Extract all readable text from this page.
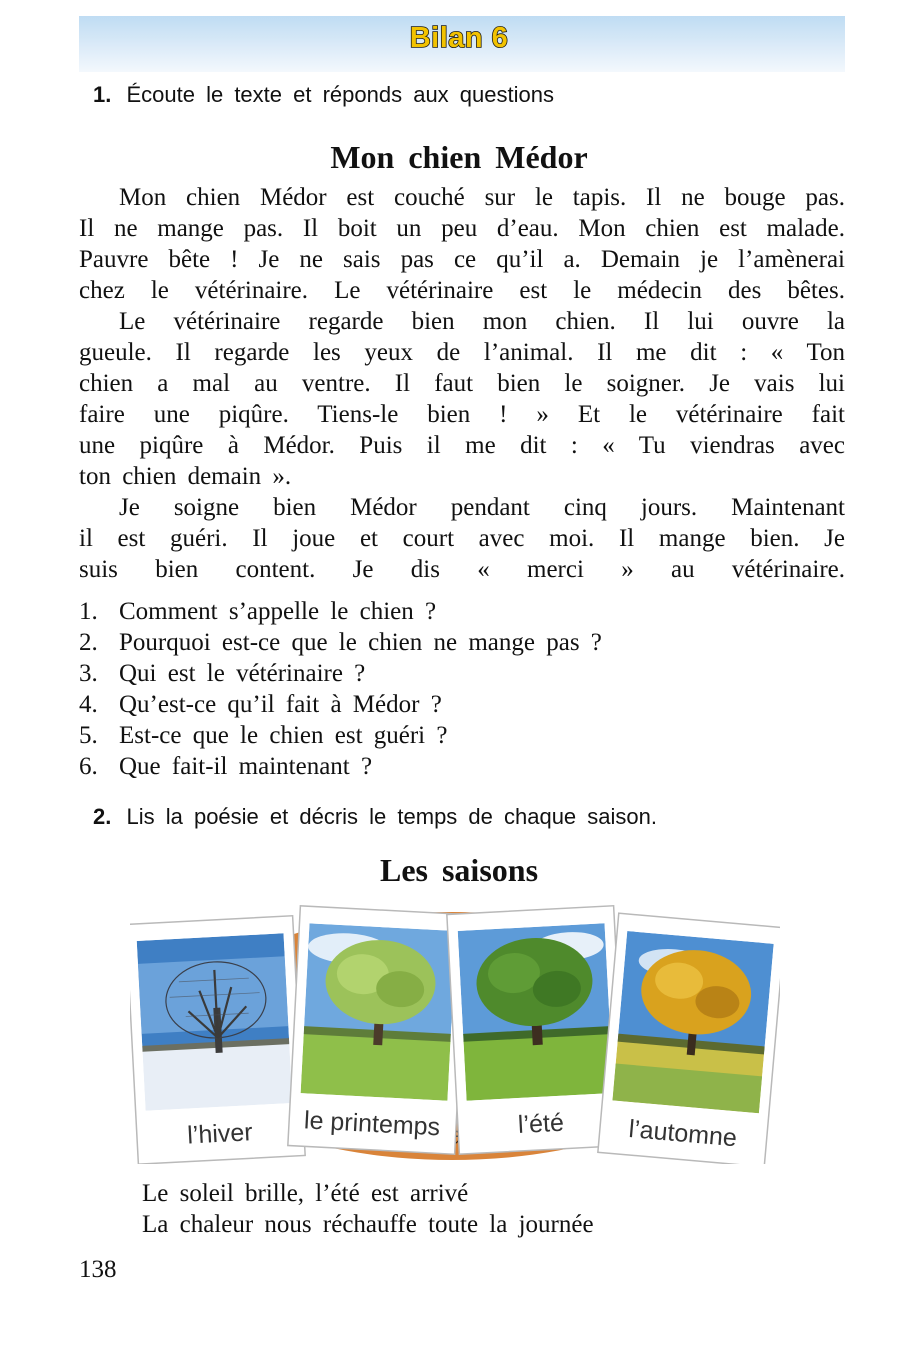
Bilan 6
1. Écoute le texte et réponds aux questions
Mon chien Médor
Mon chien Médor est couché sur le tapis. Il ne bouge pas.
Il ne mange pas. Il boit un peu d’eau. Mon chien est malade.
Pauvre bête ! Je ne sais pas ce qu’il a. Demain je l’amènerai
chez le vétérinaire. Le vétérinaire est le médecin des bêtes.
Le vétérinaire regarde bien mon chien. Il lui ouvre la
gueule. Il regarde les yeux de l’animal. Il me dit : « Ton
chien a mal au ventre. Il faut bien le soigner. Je vais lui
faire une piqûre. Tiens-le bien ! » Et le vétérinaire fait
une piqûre à Médor. Puis il me dit : « Tu viendras avec
ton chien demain ».
Je soigne bien Médor pendant cinq jours. Maintenant
il est guéri. Il joue et court avec moi. Il mange bien. Je
suis bien content. Je dis « merci » au vétérinaire.
1. Comment s’appelle le chien ?
2. Pourquoi est-ce que le chien ne mange pas ?
3. Qui est le vétérinaire ?
4. Qu’est-ce qu’il fait à Médor ?
5. Est-ce que le chien est guéri ?
6. Que fait-il maintenant ?
2. Lis la poésie et décris le temps de chaque saison.
Les saisons
l’hiver le printemps	l’été	l’automne
Le soleil brille, l’été est arrivé
La chaleur nous réchauffe toute la journée
138
